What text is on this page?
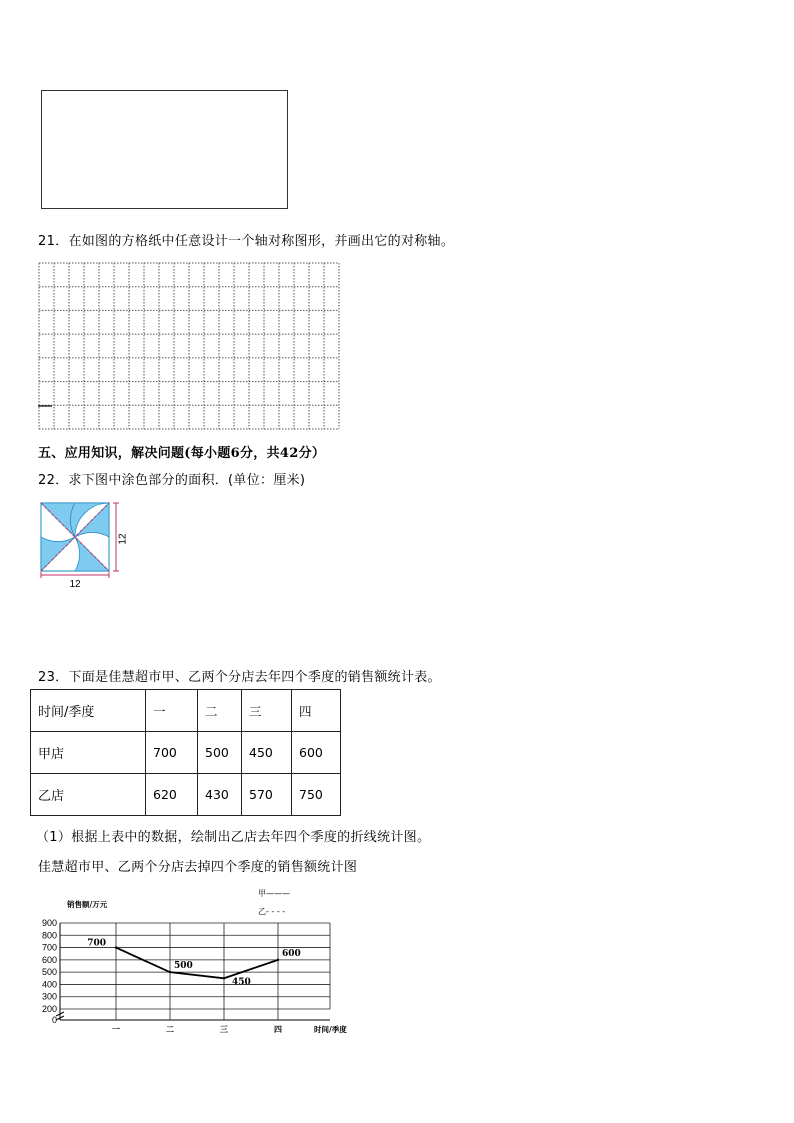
21．在如图的方格纸中任意设计一个轴对称图形，并画出它的对称轴。
五、应用知识，解决问题(每小题6分，共42分）
22．求下图中涂色部分的面积．(单位：厘米)
12
12
23．下面是佳慧超市甲、乙两个分店去年四个季度的销售额统计表。
时间/季度	一	二	三	四
甲店	700	500	450	600
乙店	620	430	570	750
（1）根据上表中的数据，绘制出乙店去年四个季度的折线统计图。
佳慧超市甲、乙两个分店去掉四个季度的销售额统计图
销售额/万元
甲———
乙- - - -
900
800
700
600
500
400
300
200
0
一	二	三	四
700
500
450
600
时间/季度
